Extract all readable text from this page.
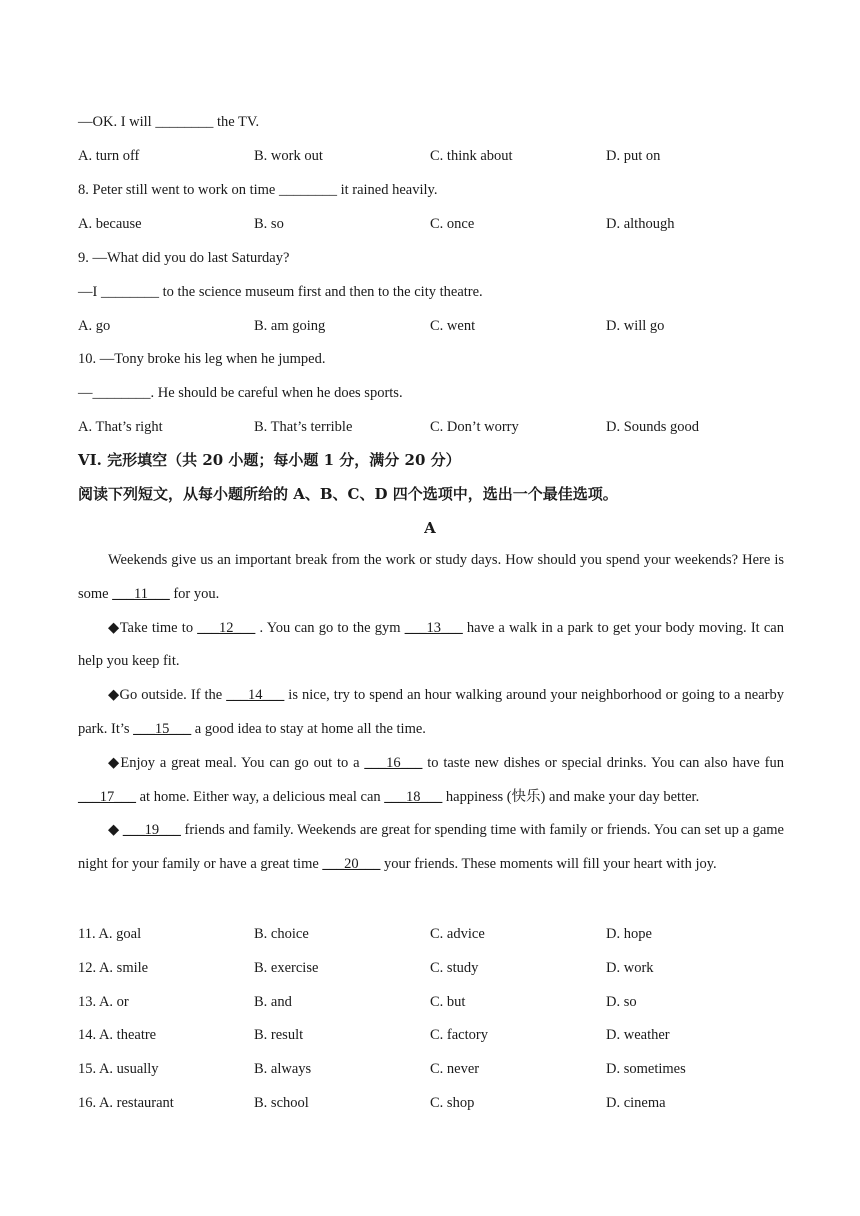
—OK. I will ________ the TV.
A. turn off	B. work out	C. think about	D. put on
8. Peter still went to work on time ________ it rained heavily.
A. because	B. so	C. once	D. although
9. —What did you do last Saturday?
—I ________ to the science museum first and then to the city theatre.
A. go	B. am going	C. went	D. will go
10. —Tony broke his leg when he jumped.
—________. He should be careful when he does sports.
A. That’s right	B. That’s terrible	C. Don’t worry	D. Sounds good
VI. 完形填空（共 20 小题；每小题 1 分，满分 20 分）
阅读下列短文，从每小题所给的 A、B、C、D 四个选项中，选出一个最佳选项。
A

Weekends give us an important break from the work or study days. How should you spend your weekends? Here is some ___11___ for you.

◆Take time to ___12___ . You can go to the gym ___13___ have a walk in a park to get your body moving. It can help you keep fit.

◆Go outside. If the ___14___ is nice, try to spend an hour walking around your neighborhood or going to a nearby park. It’s ___15___ a good idea to stay at home all the time.

◆Enjoy a great meal. You can go out to a ___16___ to taste new dishes or special drinks. You can also have fun ___17___ at home. Either way, a delicious meal can ___18___ happiness (快乐) and make your day better.

◆ ___19___ friends and family. Weekends are great for spending time with family or friends. You can set up a game night for your family or have a great time ___20___ your friends. These moments will fill your heart with joy.

11. A. goal	B. choice	C. advice	D. hope
12. A. smile	B. exercise	C. study	D. work
13. A. or	B. and	C. but	D. so
14. A. theatre	B. result	C. factory	D. weather
15. A. usually	B. always	C. never	D. sometimes
16. A. restaurant	B. school	C. shop	D. cinema
